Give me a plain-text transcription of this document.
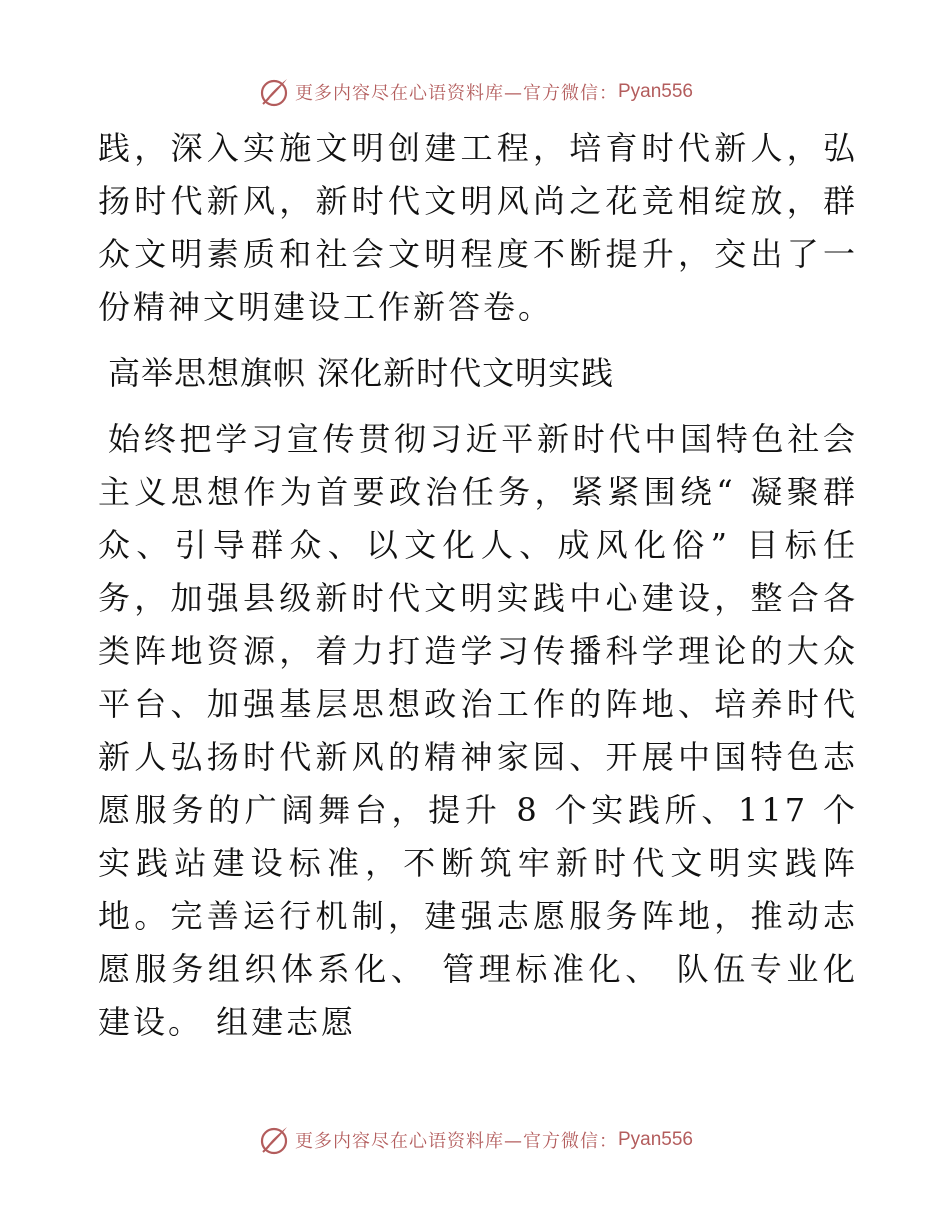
更多内容尽在心语资料库—官方微信： Pyan556

践，深入实施文明创建工程，培育时代新人，弘扬时代新风，新时代文明风尚之花竞相绽放，群众文明素质和社会文明程度不断提升，交出了一份精神文明建设工作新答卷。

高举思想旗帜 深化新时代文明实践

始终把学习宣传贯彻习近平新时代中国特色社会主义思想作为首要政治任务，紧紧围绕“ 凝聚群众、引导群众、以文化人、成风化俗” 目标任务，加强县级新时代文明实践中心建设，整合各类阵地资源，着力打造学习传播科学理论的大众平台、加强基层思想政治工作的阵地、培养时代新人弘扬时代新风的精神家园、开展中国特色志愿服务的广阔舞台，提升 8 个实践所、117 个实践站建设标准，不断筑牢新时代文明实践阵地。完善运行机制，建强志愿服务阵地，推动志愿服务组织体系化、 管理标准化、 队伍专业化建设。 组建志愿

更多内容尽在心语资料库—官方微信： Pyan556
